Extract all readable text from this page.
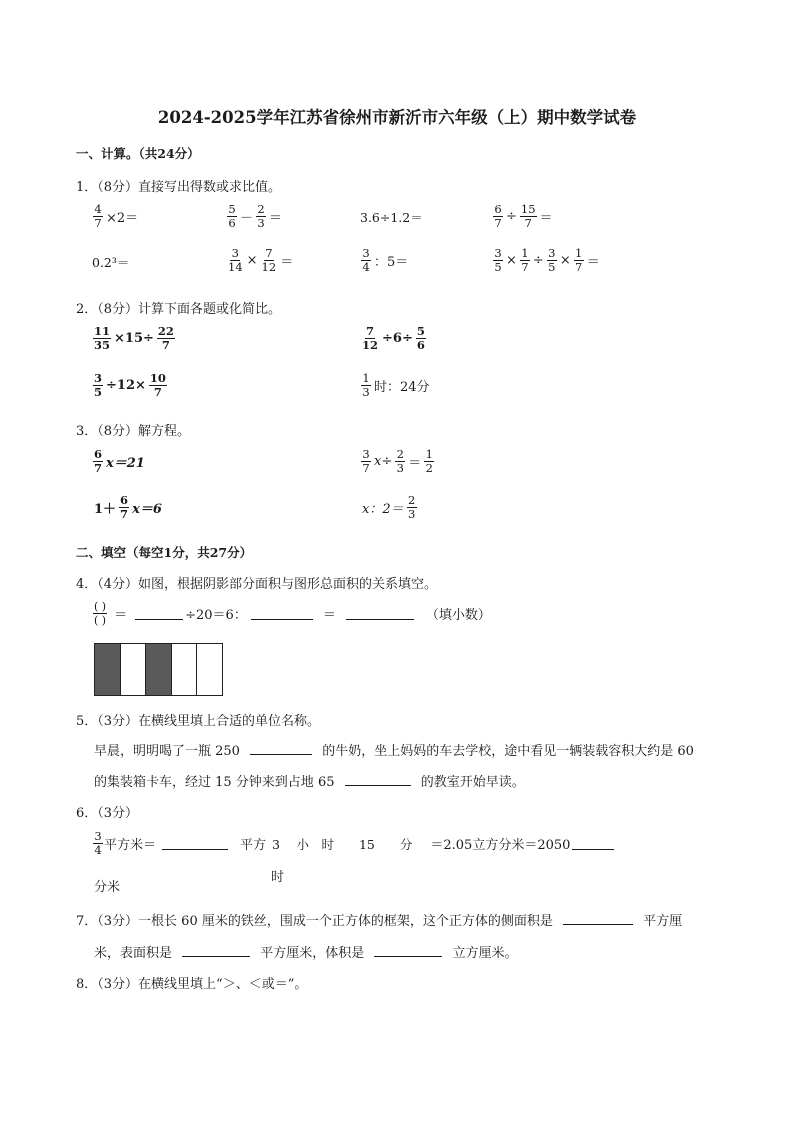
2024-2025学年江苏省徐州市新沂市六年级（上）期中数学试卷
一、计算。（共24分）
1．（8分）直接写出得数或求比值。
$\frac{4}{7} \times 2=$	$\frac{5}{6} - \frac{2}{3}$ ＝	3.6÷1.2＝	$\frac{6}{7} \div \frac{15}{7}$ ＝
0.2³＝	$\frac{3}{14} \times \frac{7}{12}$ ＝	$\frac{3}{4}$ ：5＝	$\frac{3}{5} \times \frac{1}{7} \div \frac{3}{5} \times \frac{1}{7}$ ＝
2．（8分）计算下面各题或化简比。
$\frac{11}{35} \times 15\div \frac{22}{7}$	$\frac{7}{12} \div 6\div \frac{5}{6}$
$\frac{3}{5} \div 12\times \frac{10}{7}$	$\frac{1}{3}$ 时：24分
3．（8分）解方程。
$\frac{6}{7} x=21$	$\frac{3}{7} x\div \frac{2}{3} = \frac{1}{2}$
$1+ \frac{6}{7} x=6$	x：$2= \frac{2}{3}$
二、填空（每空1分，共27分）
4．（4分）如图，根据阴影部分面积与图形总面积的关系填空。
$\frac{( )}{( )}$ ＝	÷20＝6：	＝	（填小数）
5．（3分）在横线里填上合适的单位名称。
早晨，明明喝了一瓶 250	的牛奶，坐上妈妈的车去学校，途中看见一辆装载容积大约是 60
的集装箱卡车，经过 15 分钟来到占地 65	的教室开始早读。
6．（3分）
$\frac{3}{4}$ 平方米＝	平方 3　 小　时　　15　　分 ＝2.05立方分米＝2050
分米
时
7．（3分）一根长 60 厘米的铁丝，围成一个正方体的框架，这个正方体的侧面积是	平方厘
米，表面积是	平方厘米，体积是	立方厘米。
8．（3分）在横线里填上“＞、＜或＝”。
